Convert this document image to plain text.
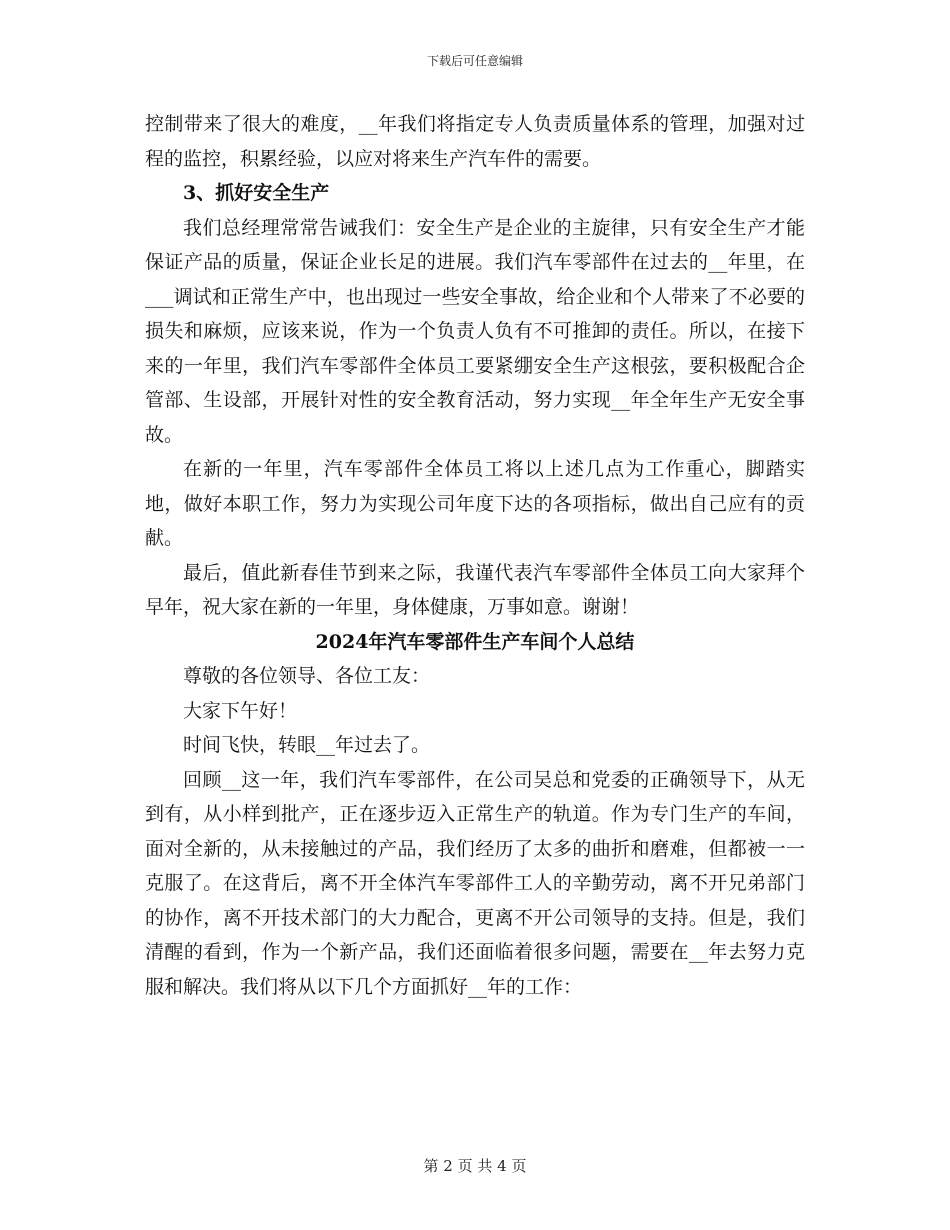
下载后可任意编辑

控制带来了很大的难度，__年我们将指定专人负责质量体系的管理，加强对过程的监控，积累经验，以应对将来生产汽车件的需要。

3、抓好安全生产

我们总经理常常告诫我们：安全生产是企业的主旋律，只有安全生产才能保证产品的质量，保证企业长足的进展。我们汽车零部件在过去的__年里，在___调试和正常生产中，也出现过一些安全事故，给企业和个人带来了不必要的损失和麻烦，应该来说，作为一个负责人负有不可推卸的责任。所以，在接下来的一年里，我们汽车零部件全体员工要紧绷安全生产这根弦，要积极配合企管部、生设部，开展针对性的安全教育活动，努力实现__年全年生产无安全事故。

在新的一年里，汽车零部件全体员工将以上述几点为工作重心，脚踏实地，做好本职工作，努力为实现公司年度下达的各项指标，做出自己应有的贡献。

最后，值此新春佳节到来之际，我谨代表汽车零部件全体员工向大家拜个早年，祝大家在新的一年里，身体健康，万事如意。谢谢！

2024年汽车零部件生产车间个人总结

尊敬的各位领导、各位工友：

大家下午好！

时间飞快，转眼__年过去了。

回顾__这一年，我们汽车零部件，在公司吴总和党委的正确领导下，从无到有，从小样到批产，正在逐步迈入正常生产的轨道。作为专门生产的车间，面对全新的，从未接触过的产品，我们经历了太多的曲折和磨难，但都被一一克服了。在这背后，离不开全体汽车零部件工人的辛勤劳动，离不开兄弟部门的协作，离不开技术部门的大力配合，更离不开公司领导的支持。但是，我们清醒的看到，作为一个新产品，我们还面临着很多问题，需要在__年去努力克服和解决。我们将从以下几个方面抓好__年的工作：

第 2 页 共 4 页
